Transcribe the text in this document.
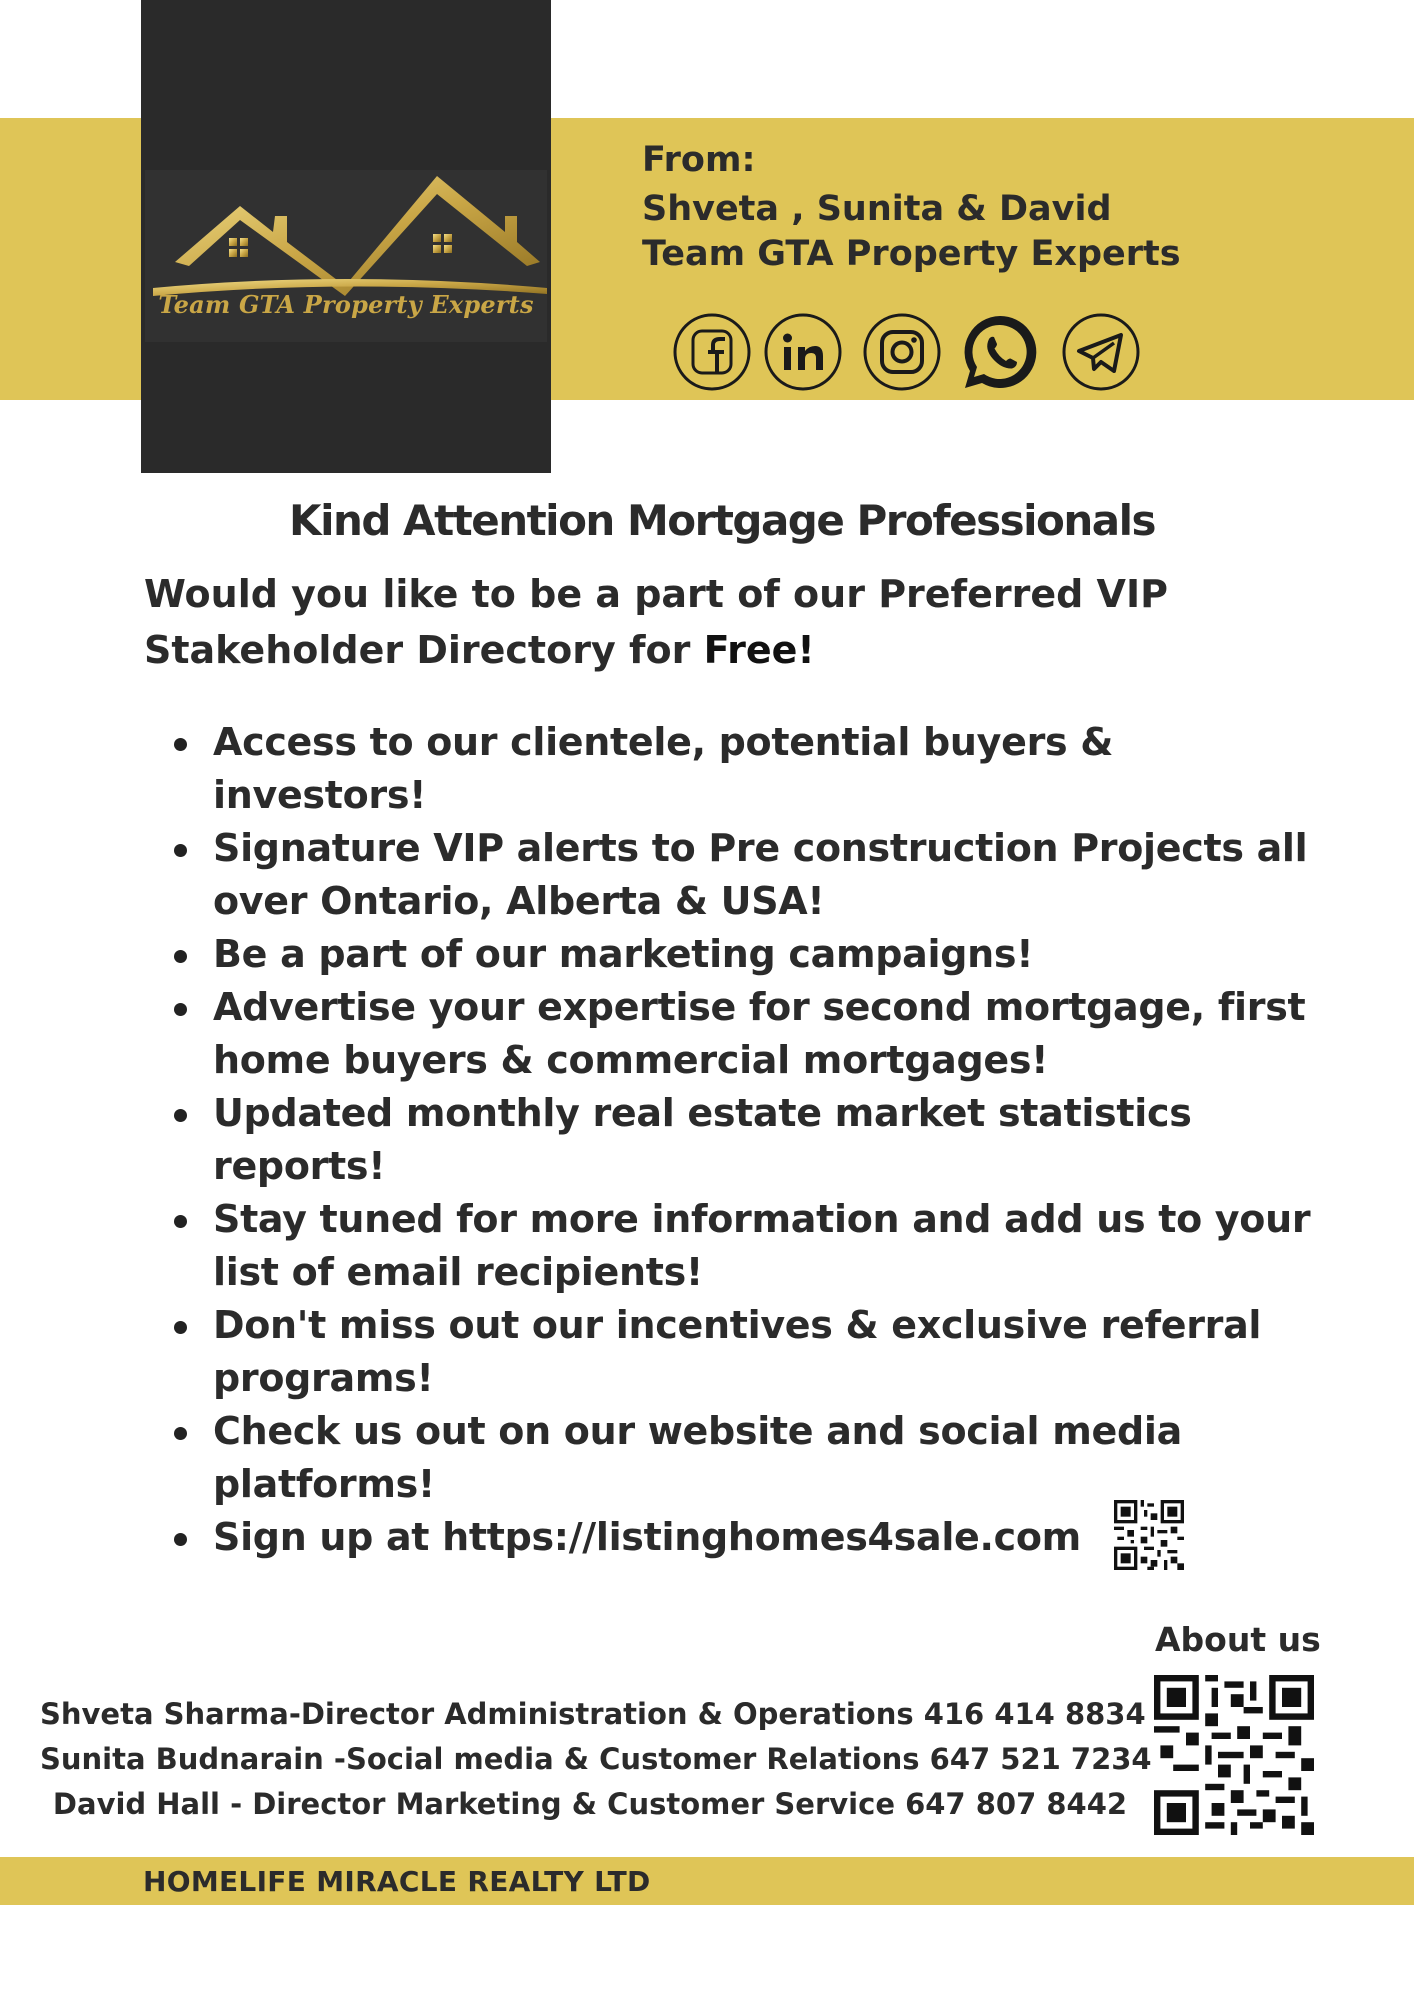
Team GTA Property Experts
From:
Shveta , Sunita & David
Team GTA Property Experts
Kind Attention Mortgage Professionals
Would you like to be a part of our Preferred VIP
Stakeholder Directory for Free!
Access to our clientele, potential buyers & investors!
Signature VIP alerts to Pre construction Projects all over Ontario, Alberta & USA!
Be a part of our marketing campaigns!
Advertise your expertise for second mortgage, first home buyers & commercial mortgages!
Updated monthly real estate market statistics reports!
Stay tuned for more information and add us to your list of email recipients!
Don't miss out our incentives & exclusive referral programs!
Check us out on our website and social media platforms!
Sign up at https://listinghomes4sale.com
About us
Shveta Sharma-Director Administration & Operations 416 414 8834
Sunita Budnarain -Social media & Customer Relations 647 521 7234
David Hall - Director Marketing & Customer Service 647 807 8442
HOMELIFE MIRACLE REALTY LTD
